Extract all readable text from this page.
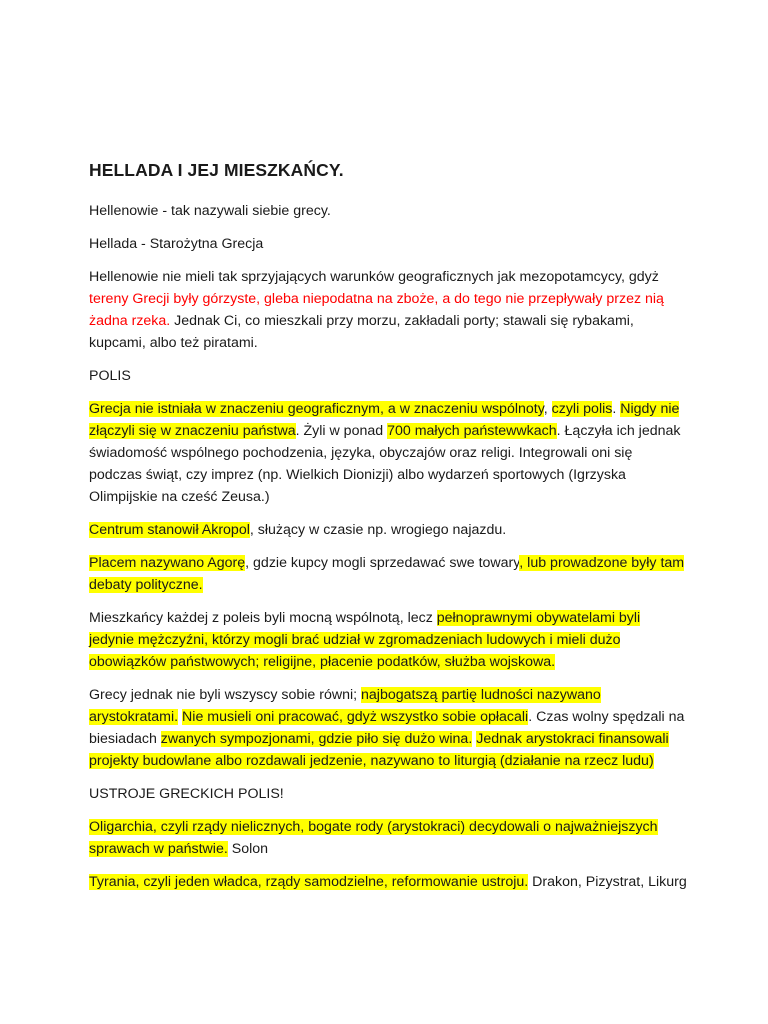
HELLADA I JEJ MIESZKAŃCY.
Hellenowie - tak nazywali siebie grecy.
Hellada - Starożytna Grecja
Hellenowie nie mieli tak sprzyjających warunków geograficznych jak mezopotamcycy, gdyż tereny Grecji były górzyste, gleba niepodatna na zboże, a do tego nie przepływały przez nią żadna rzeka. Jednak Ci, co mieszkali przy morzu, zakładali porty; stawali się rybakami, kupcami, albo też piratami.
POLIS
Grecja nie istniała w znaczeniu geograficznym, a w znaczeniu wspólnoty, czyli polis. Nigdy nie złączyli się w znaczeniu państwa. Żyli w ponad 700 małych państewwkach. Łączyła ich jednak świadomość wspólnego pochodzenia, języka, obyczajów oraz religi. Integrowali oni się podczas świąt, czy imprez (np. Wielkich Dionizji) albo wydarzeń sportowych (Igrzyska Olimpijskie na cześć Zeusa.)
Centrum stanowił Akropol, służący w czasie np. wrogiego najazdu.
Placem nazywano Agorę, gdzie kupcy mogli sprzedawać swe towary, lub prowadzone były tam debaty polityczne.
Mieszkańcy każdej z poleis byli mocną wspólnotą, lecz pełnoprawnymi obywatelami byli jedynie mężczyźni, którzy mogli brać udział w zgromadzeniach ludowych i mieli dużo obowiązków państwowych; religijne, płacenie podatków, służba wojskowa.
Grecy jednak nie byli wszyscy sobie równi; najbogatszą partię ludności nazywano arystokratami. Nie musieli oni pracować, gdyż wszystko sobie opłacali. Czas wolny spędzali na biesiadach zwanych sympozjonami, gdzie piło się dużo wina. Jednak arystokraci finansowali projekty budowlane albo rozdawali jedzenie, nazywano to liturgią (działanie na rzecz ludu)
USTROJE GRECKICH POLIS!
Oligarchia, czyli rządy nielicznych, bogate rody (arystokraci) decydowali o najważniejszych sprawach w państwie. Solon
Tyrania, czyli jeden władca, rządy samodzielne, reformowanie ustroju. Drakon, Pizystrat, Likurg
